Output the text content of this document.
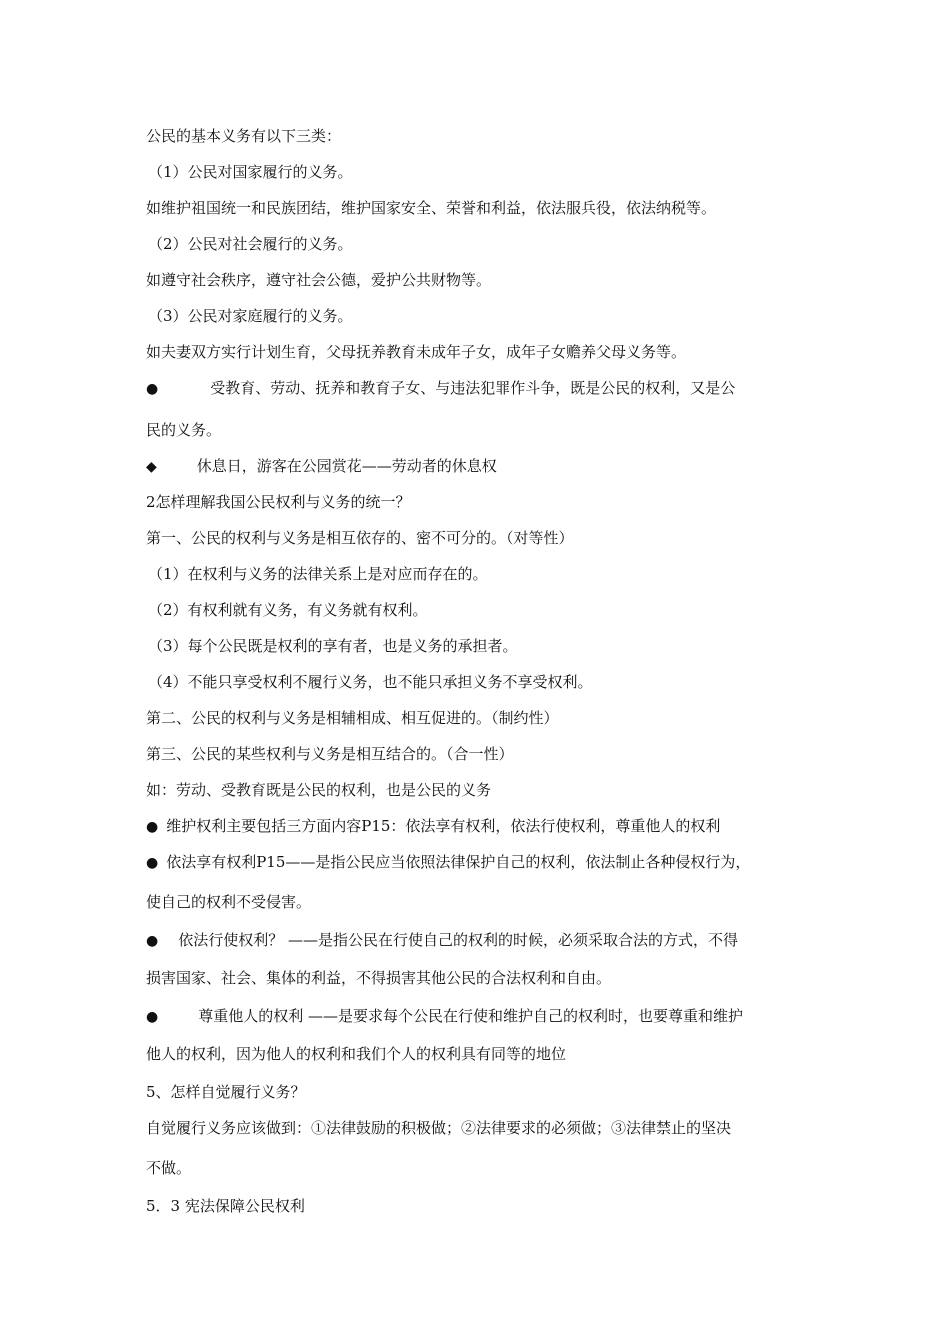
公民的基本义务有以下三类：
（1）公民对国家履行的义务。
如维护祖国统一和民族团结，维护国家安全、荣誉和利益，依法服兵役，依法纳税等。
（2）公民对社会履行的义务。
如遵守社会秩序，遵守社会公德，爱护公共财物等。
（3）公民对家庭履行的义务。
如夫妻双方实行计划生育，父母抚养教育未成年子女，成年子女赡养父母义务等。
●	受教育、劳动、抚养和教育子女、与违法犯罪作斗争，既是公民的权利，又是公
民的义务。
◆	休息日，游客在公园赏花——劳动者的休息权
2怎样理解我国公民权利与义务的统一？
第一、公民的权利与义务是相互依存的、密不可分的。（对等性）
（1）在权利与义务的法律关系上是对应而存在的。
（2）有权利就有义务，有义务就有权利。
（3）每个公民既是权利的享有者，也是义务的承担者。
（4）不能只享受权利不履行义务，也不能只承担义务不享受权利。
第二、公民的权利与义务是相辅相成、相互促进的。（制约性）
第三、公民的某些权利与义务是相互结合的。（合一性）
如：劳动、受教育既是公民的权利，也是公民的义务
● 维护权利主要包括三方面内容P15：依法享有权利，依法行使权利，尊重他人的权利
● 依法享有权利P15——是指公民应当依照法律保护自己的权利，依法制止各种侵权行为，
使自己的权利不受侵害。
● 依法行使权利？ ——是指公民在行使自己的权利的时候，必须采取合法的方式，不得
损害国家、社会、集体的利益，不得损害其他公民的合法权利和自由。
●	尊重他人的权利 ——是要求每个公民在行使和维护自己的权利时，也要尊重和维护
他人的权利，因为他人的权利和我们个人的权利具有同等的地位
5、怎样自觉履行义务？
自觉履行义务应该做到：①法律鼓励的积极做；②法律要求的必须做；③法律禁止的坚决
不做。
5．3 宪法保障公民权利
